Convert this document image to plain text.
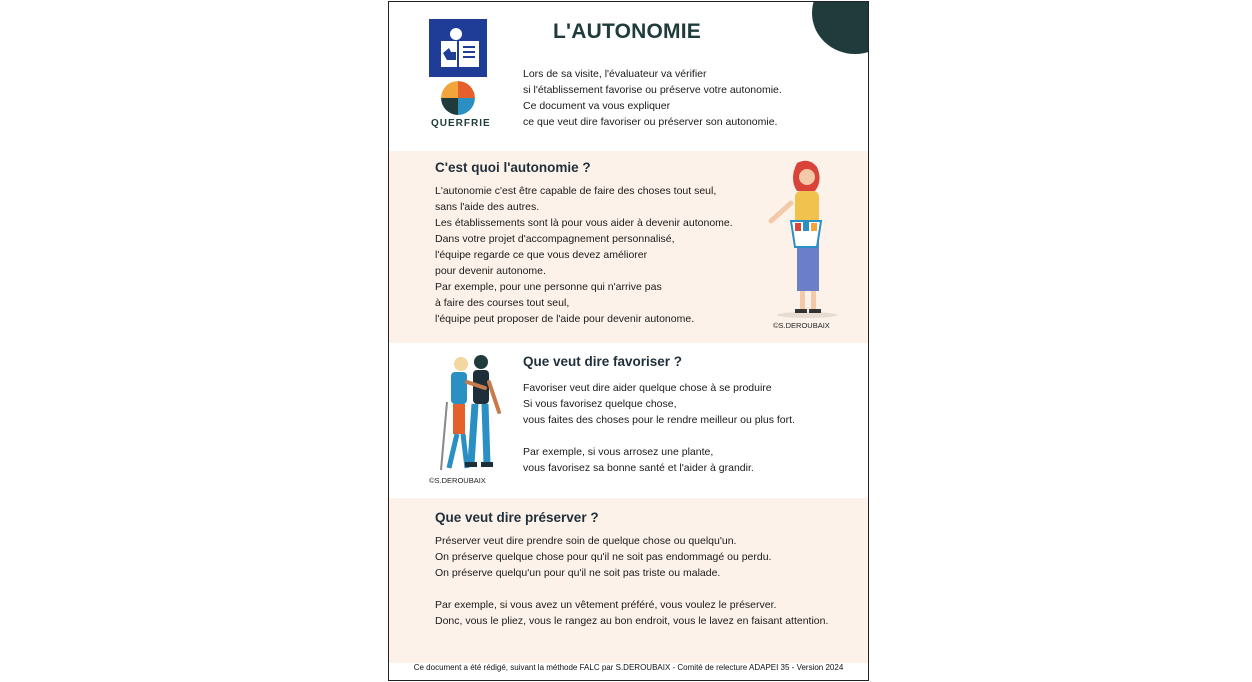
QUERFRIE
L'AUTONOMIE
Lors de sa visite, l'évaluateur va vérifier
si l'établissement favorise ou préserve votre autonomie.
Ce document va vous expliquer
ce que veut dire favoriser ou préserver son autonomie.
C'est quoi l'autonomie ?
L'autonomie c'est être capable de faire des choses tout seul,
sans l'aide des autres.
Les établissements sont là pour vous aider à devenir autonome.
Dans votre projet d'accompagnement personnalisé,
l'équipe regarde ce que vous devez améliorer
pour devenir autonome.
Par exemple, pour une personne qui n'arrive pas
à faire des courses tout seul,
l'équipe peut proposer de l'aide pour devenir autonome.
©S.DEROUBAIX
©S.DEROUBAIX
Que veut dire favoriser ?
Favoriser veut dire aider quelque chose à se produire
Si vous favorisez quelque chose,
vous faites des choses pour le rendre meilleur ou plus fort.
Par exemple, si vous arrosez une plante,
vous favorisez sa bonne santé et l'aider à grandir.
Que veut dire préserver ?
Préserver veut dire prendre soin de quelque chose ou quelqu'un.
On préserve quelque chose pour qu'il ne soit pas endommagé ou perdu.
On préserve quelqu'un pour qu'il ne soit pas triste ou malade.
Par exemple, si vous avez un vêtement préféré, vous voulez le préserver.
Donc, vous le pliez, vous le rangez au bon endroit, vous le lavez en faisant attention.
Ce document a été rédigé, suivant la méthode FALC par S.DEROUBAIX - Comité de relecture ADAPEI 35 - Version 2024
